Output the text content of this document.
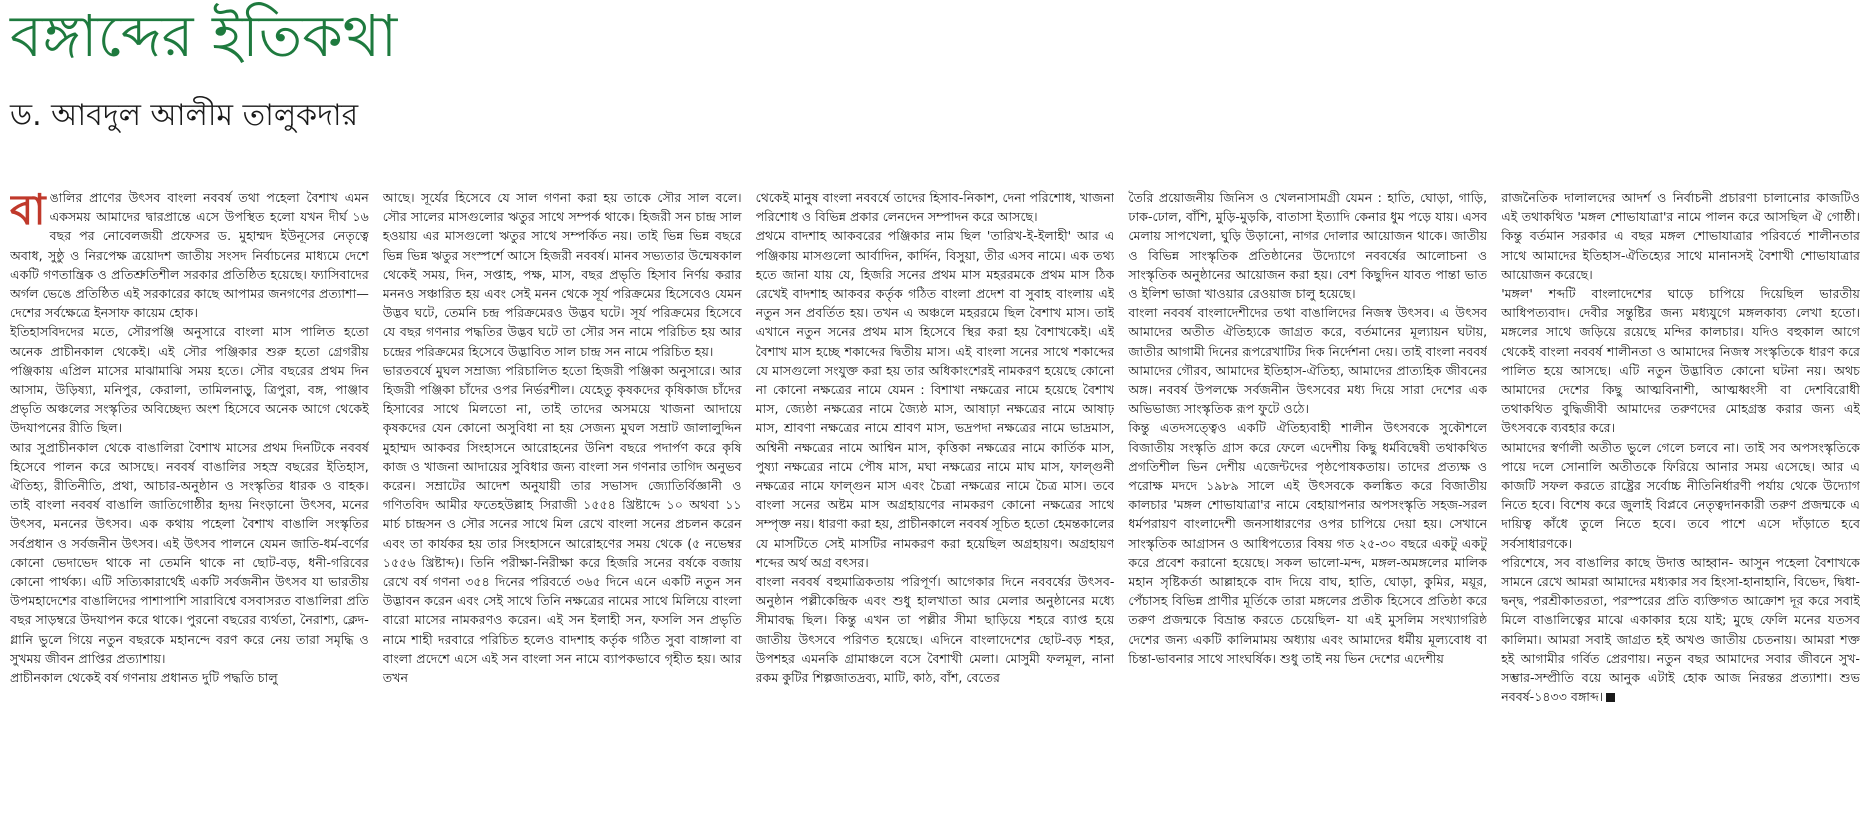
বঙ্গাব্দের ইতিকথা
ড. আবদুল আলীম তালুকদার

বাঙালির প্রাণের উৎসব বাংলা নববর্ষ তথা পহেলা বৈশাখ এমন একসময় আমাদের দ্বারপ্রান্তে এসে উপস্থিত হলো যখন দীর্ঘ ১৬ বছর পর নোবেলজয়ী প্রফেসর ড. মুহাম্মদ ইউনূসের নেতৃত্বে অবাধ, সুষ্ঠু ও নিরপেক্ষ ত্রয়োদশ জাতীয় সংসদ নির্বাচনের মাধ্যমে দেশে একটি গণতান্ত্রিক ও প্রতিশ্রুতিশীল সরকার প্রতিষ্ঠিত হয়েছে। ফ্যাসিবাদের অর্গল ভেঙে প্রতিষ্ঠিত এই সরকারের কাছে আপামর জনগণের প্রত্যাশা— দেশের সর্বক্ষেত্রে ইনসাফ কায়েম হোক।

ইতিহাসবিদদের মতে, সৌরপঞ্জি অনুসারে বাংলা মাস পালিত হতো অনেক প্রাচীনকাল থেকেই। এই সৌর পঞ্জিকার শুরু হতো গ্রেগরীয় পঞ্জিকায় এপ্রিল মাসের মাঝামাঝি সময় হতে। সৌর বছরের প্রথম দিন আসাম, উড়িষ্যা, মনিপুর, কেরালা, তামিলনাড়ু, ত্রিপুরা, বঙ্গ, পাঞ্জাব প্রভৃতি অঞ্চলের সংস্কৃতির অবিচ্ছেদ্য অংশ হিসেবে অনেক আগে থেকেই উদযাপনের রীতি ছিল।

আর সুপ্রাচীনকাল থেকে বাঙালিরা বৈশাখ মাসের প্রথম দিনটিকে নববর্ষ হিসেবে পালন করে আসছে। নববর্ষ বাঙালির সহস্র বছরের ইতিহাস, ঐতিহ্য, রীতিনীতি, প্রথা, আচার-অনুষ্ঠান ও সংস্কৃতির ধারক ও বাহক। তাই বাংলা নববর্ষ বাঙালি জাতিগোষ্ঠীর হৃদয় নিংড়ানো উৎসব, মনের উৎসব, মননের উৎসব। এক কথায় পহেলা বৈশাখ বাঙালি সংস্কৃতির সর্বপ্রধান ও সর্বজনীন উৎসব। এই উৎসব পালনে যেমন জাতি-ধর্ম-বর্ণের কোনো ভেদাভেদ থাকে না তেমনি থাকে না ছোট-বড়, ধনী-গরিবের কোনো পার্থক্য। এটি সত্যিকারার্থেই একটি সর্বজনীন উৎসব যা ভারতীয় উপমহাদেশের বাঙালিদের পাশাপাশি সারাবিশ্বে বসবাসরত বাঙালিরা প্রতি বছর সাড়ম্বরে উদযাপন করে থাকে। পুরনো বছরের ব্যর্থতা, নৈরাশ্য, ক্লেদ-গ্লানি ভুলে গিয়ে নতুন বছরকে মহানন্দে বরণ করে নেয় তারা সমৃদ্ধি ও সুখময় জীবন প্রাপ্তির প্রত্যাশায়।

প্রাচীনকাল থেকেই বর্ষ গণনায় প্রধানত দুটি পদ্ধতি চালু

আছে। সূর্যের হিসেবে যে সাল গণনা করা হয় তাকে সৌর সাল বলে। সৌর সালের মাসগুলোর ঋতুর সাথে সম্পর্ক থাকে। হিজরী সন চান্দ্র সাল হওয়ায় এর মাসগুলো ঋতুর সাথে সম্পর্কিত নয়। তাই ভিন্ন ভিন্ন বছরে ভিন্ন ভিন্ন ঋতুর সংস্পর্শে আসে হিজরী নববর্ষ। মানব সভ্যতার উন্মেষকাল থেকেই সময়, দিন, সপ্তাহ, পক্ষ, মাস, বছর প্রভৃতি হিসাব নির্ণয় করার মননও সঞ্চারিত হয় এবং সেই মনন থেকে সূর্য পরিক্রমের হিসেবেও যেমন উদ্ভব ঘটে, তেমনি চন্দ্র পরিক্রমেরও উদ্ভব ঘটে। সূর্য পরিক্রমের হিসেবে যে বছর গণনার পদ্ধতির উদ্ভব ঘটে তা সৌর সন নামে পরিচিত হয় আর চন্দ্রের পরিক্রমের হিসেবে উদ্ভাবিত সাল চান্দ্র সন নামে পরিচিত হয়।

ভারতবর্ষে মুঘল সম্রাজ্য পরিচালিত হতো হিজরী পঞ্জিকা অনুসারে। আর হিজরী পঞ্জিকা চাঁদের ওপর নির্ভরশীল। যেহেতু কৃষকদের কৃষিকাজ চাঁদের হিসাবের সাথে মিলতো না, তাই তাদের অসময়ে খাজনা আদায়ে কৃষকদের যেন কোনো অসুবিধা না হয় সেজন্য মুঘল সম্রাট জালালুদ্দিন মুহাম্মদ আকবর সিংহাসনে আরোহনের উনিশ বছরে পদার্পণ করে কৃষি কাজ ও খাজনা আদায়ের সুবিধার জন্য বাংলা সন গণনার তাগিদ অনুভব করেন। সম্রাটের আদেশ অনুযায়ী তার সভাসদ জ্যোতির্বিজ্ঞানী ও গণিতবিদ আমীর ফতেহউল্লাহ সিরাজী ১৫৫৪ খ্রিষ্টাব্দে ১০ অথবা ১১ মার্চ চান্দ্রসন ও সৌর সনের সাথে মিল রেখে বাংলা সনের প্রচলন করেন এবং তা কার্যকর হয় তার সিংহাসনে আরোহণের সময় থেকে (৫ নভেম্বর ১৫৫৬ খ্রিষ্টাব্দ)। তিনি পরীক্ষা-নিরীক্ষা করে হিজরি সনের বর্ষকে বজায় রেখে বর্ষ গণনা ৩৫৪ দিনের পরিবর্তে ৩৬৫ দিনে এনে একটি নতুন সন উদ্ভাবন করেন এবং সেই সাথে তিনি নক্ষত্রের নামের সাথে মিলিয়ে বাংলা বারো মাসের নামকরণও করেন। এই সন ইলাহী সন, ফসলি সন প্রভৃতি নামে শাহী দরবারে পরিচিত হলেও বাদশাহ কর্তৃক গঠিত সুবা বাঙ্গালা বা বাংলা প্রদেশে এসে এই সন বাংলা সন নামে ব্যাপকভাবে গৃহীত হয়। আর তখন

থেকেই মানুষ বাংলা নববর্ষে তাদের হিসাব-নিকাশ, দেনা পরিশোধ, খাজনা পরিশোধ ও বিভিন্ন প্রকার লেনদেন সম্পাদন করে আসছে।

প্রথমে বাদশাহ আকবরের পঞ্জিকার নাম ছিল 'তারিখ-ই-ইলাহী' আর এ পঞ্জিকায় মাসগুলো আর্বাদিন, কার্দিন, বিসুয়া, তীর এসব নামে। এক তথ্য হতে জানা যায় যে, হিজরি সনের প্রথম মাস মহররমকে প্রথম মাস ঠিক রেখেই বাদশাহ আকবর কর্তৃক গঠিত বাংলা প্রদেশ বা সুবাহ বাংলায় এই নতুন সন প্রবর্তিত হয়। তখন এ অঞ্চলে মহররমে ছিল বৈশাখ মাস। তাই এখানে নতুন সনের প্রথম মাস হিসেবে স্থির করা হয় বৈশাখকেই। এই বৈশাখ মাস হচ্ছে শকাব্দের দ্বিতীয় মাস। এই বাংলা সনের সাথে শকাব্দের যে মাসগুলো সংযুক্ত করা হয় তার অধিকাংশেরই নামকরণ হয়েছে কোনো না কোনো নক্ষত্রের নামে যেমন : বিশাখা নক্ষত্রের নামে হয়েছে বৈশাখ মাস, জ্যেষ্ঠা নক্ষত্রের নামে জ্যৈষ্ঠ মাস, আষাঢ়া নক্ষত্রের নামে আষাঢ় মাস, শ্রাবণা নক্ষত্রের নামে শ্রাবণ মাস, ভদ্রপদা নক্ষত্রের নামে ভাদ্রমাস, অশ্বিনী নক্ষত্রের নামে আশ্বিন মাস, কৃত্তিকা নক্ষত্রের নামে কার্তিক মাস, পুষ্যা নক্ষত্রের নামে পৌষ মাস, মঘা নক্ষত্রের নামে মাঘ মাস, ফাল্গুনী নক্ষত্রের নামে ফাল্গুন মাস এবং চৈত্রা নক্ষত্রের নামে চৈত্র মাস। তবে বাংলা সনের অষ্টম মাস অগ্রহায়ণের নামকরণ কোনো নক্ষত্রের সাথে সম্পৃক্ত নয়। ধারণা করা হয়, প্রাচীনকালে নববর্ষ সূচিত হতো হেমন্তকালের যে মাসটিতে সেই মাসটির নামকরণ করা হয়েছিল অগ্রহায়ণ। অগ্রহায়ণ শব্দের অর্থ অগ্র বৎসর।

বাংলা নববর্ষ বহুমাত্রিকতায় পরিপূর্ণ। আগেকার দিনে নববর্ষের উৎসব-অনুষ্ঠান পল্লীকেন্দ্রিক এবং শুধু হালখাতা আর মেলার অনুষ্ঠানের মধ্যে সীমাবদ্ধ ছিল। কিন্তু এখন তা পল্লীর সীমা ছাড়িয়ে শহরে ব্যাপ্ত হয়ে জাতীয় উৎসবে পরিণত হয়েছে। এদিনে বাংলাদেশের ছোট-বড় শহর, উপশহর এমনকি গ্রামাঞ্চলে বসে বৈশাখী মেলা। মোসুমী ফলমূল, নানা রকম কুটির শিল্পজাতদ্রব্য, মাটি, কাঠ, বাঁশ, বেতের

তৈরি প্রয়োজনীয় জিনিস ও খেলনাসামগ্রী যেমন : হাতি, ঘোড়া, গাড়ি, ঢাক-ঢোল, বাঁশি, মুড়ি-মুড়কি, বাতাসা ইত্যাদি কেনার ধুম পড়ে যায়। এসব মেলায় সাপখেলা, ঘুড়ি উড়ানো, নাগর দোলার আয়োজন থাকে। জাতীয় ও বিভিন্ন সাংস্কৃতিক প্রতিষ্ঠানের উদ্যোগে নববর্ষের আলোচনা ও সাংস্কৃতিক অনুষ্ঠানের আয়োজন করা হয়। বেশ কিছুদিন যাবত পান্তা ভাত ও ইলিশ ভাজা খাওয়ার রেওয়াজ চালু হয়েছে।

বাংলা নববর্ষ বাংলাদেশীদের তথা বাঙালিদের নিজস্ব উৎসব। এ উৎসব আমাদের অতীত ঐতিহ্যকে জাগ্রত করে, বর্তমানের মূল্যায়ন ঘটায়, জাতীর আগামী দিনের রূপরেখাটির দিক নির্দেশনা দেয়। তাই বাংলা নববর্ষ আমাদের গৌরব, আমাদের ইতিহাস-ঐতিহ্য, আমাদের প্রাত্যহিক জীবনের অঙ্গ। নববর্ষ উপলক্ষে সর্বজনীন উৎসবের মধ্য দিয়ে সারা দেশের এক অভিভাজ্য সাংস্কৃতিক রূপ ফুটে ওঠে।

কিন্তু এতদসত্ত্বেও একটি ঐতিহ্যবাহী শালীন উৎসবকে সুকৌশলে বিজাতীয় সংস্কৃতি গ্রাস করে ফেলে এদেশীয় কিছু ধর্মবিদ্বেষী তথাকথিত প্রগতিশীল ভিন দেশীয় এজেন্টদের পৃষ্ঠপোষকতায়। তাদের প্রত্যক্ষ ও পরোক্ষ মদদে ১৯৮৯ সালে এই উৎসবকে কলঙ্কিত করে বিজাতীয় কালচার 'মঙ্গল শোভাযাত্রা'র নামে বেহায়াপনার অপসংস্কৃতি সহজ-সরল ধর্মপরায়ণ বাংলাদেশী জনসাধারণের ওপর চাপিয়ে দেয়া হয়। সেখানে সাংস্কৃতিক আগ্রাসন ও আধিপত্যের বিষয় গত ২৫-৩০ বছরে একটু একটু করে প্রবেশ করানো হয়েছে। সকল ভালো-মন্দ, মঙ্গল-অমঙ্গলের মালিক মহান সৃষ্টিকর্তা আল্লাহকে বাদ দিয়ে বাঘ, হাতি, ঘোড়া, কুমির, ময়ূর, পেঁচাসহ বিভিন্ন প্রাণীর মূর্তিকে তারা মঙ্গলের প্রতীক হিসেবে প্রতিষ্ঠা করে তরুণ প্রজন্মকে বিভ্রান্ত করতে চেয়েছিল- যা এই মুসলিম সংখ্যাগরিষ্ঠ দেশের জন্য একটি কালিমাময় অধ্যায় এবং আমাদের ধর্মীয় মূল্যবোধ বা চিন্তা-ভাবনার সাথে সাংঘর্ষিক। শুধু তাই নয় ভিন দেশের এদেশীয়

রাজনৈতিক দালালদের আদর্শ ও নির্বাচনী প্রচারণা চালানোর কাজটিও এই তথাকথিত 'মঙ্গল শোভাযাত্রা'র নামে পালন করে আসছিল ঐ গোষ্ঠী। কিন্তু বর্তমান সরকার এ বছর মঙ্গল শোভাযাত্রার পরিবর্তে শালীনতার সাথে আমাদের ইতিহাস-ঐতিহ্যের সাথে মানানসই বৈশাখী শোভাযাত্রার আয়োজন করেছে।

'মঙ্গল' শব্দটি বাংলাদেশের ঘাড়ে চাপিয়ে দিয়েছিল ভারতীয় আধিপত্যবাদ। দেবীর সন্তুষ্টির জন্য মধ্যযুগে মঙ্গলকাব্য লেখা হতো। মঙ্গলের সাথে জড়িয়ে রয়েছে মন্দির কালচার। যদিও বহুকাল আগে থেকেই বাংলা নববর্ষ শালীনতা ও আমাদের নিজস্ব সংস্কৃতিকে ধারণ করে পালিত হয়ে আসছে। এটি নতুন উদ্ভাবিত কোনো ঘটনা নয়। অথচ আমাদের দেশের কিছু আত্মবিনাশী, আত্মধ্বংসী বা দেশবিরোধী তথাকথিত বুদ্ধিজীবী আমাদের তরুণদের মোহগ্রস্ত করার জন্য এই উৎসবকে ব্যবহার করে।

আমাদের স্বর্ণালী অতীত ভুলে গেলে চলবে না। তাই সব অপসংস্কৃতিকে পায়ে দলে সোনালি অতীতকে ফিরিয়ে আনার সময় এসেছে। আর এ কাজটি সফল করতে রাষ্ট্রের সর্বোচ্চ নীতিনির্ধারণী পর্যায় থেকে উদ্যোগ নিতে হবে। বিশেষ করে জুলাই বিপ্লবে নেতৃত্বদানকারী তরুণ প্রজন্মকে এ দায়িত্ব কাঁধে তুলে নিতে হবে। তবে পাশে এসে দাঁড়াতে হবে সর্বসাধারণকে।

পরিশেষে, সব বাঙালির কাছে উদাত্ত আহ্বান- আসুন পহেলা বৈশাখকে সামনে রেখে আমরা আমাদের মধ্যকার সব হিংসা-হানাহানি, বিভেদ, দ্বিধা-দ্বন্দ্ব, পরশ্রীকাতরতা, পরস্পরের প্রতি ব্যক্তিগত আক্রোশ দূর করে সবাই মিলে বাঙালিত্বের মাঝে একাকার হয়ে যাই; মুছে ফেলি মনের যতসব কালিমা। আমরা সবাই জাগ্রত হই অখণ্ড জাতীয় চেতনায়। আমরা শক্ত হই আগামীর গর্বিত প্রেরণায়। নতুন বছর আমাদের সবার জীবনে সুখ-সম্ভার-সম্প্রীতি বয়ে আনুক এটাই হোক আজ নিরন্তর প্রত্যাশা। শুভ নববর্ষ-১৪৩৩ বঙ্গাব্দ।
